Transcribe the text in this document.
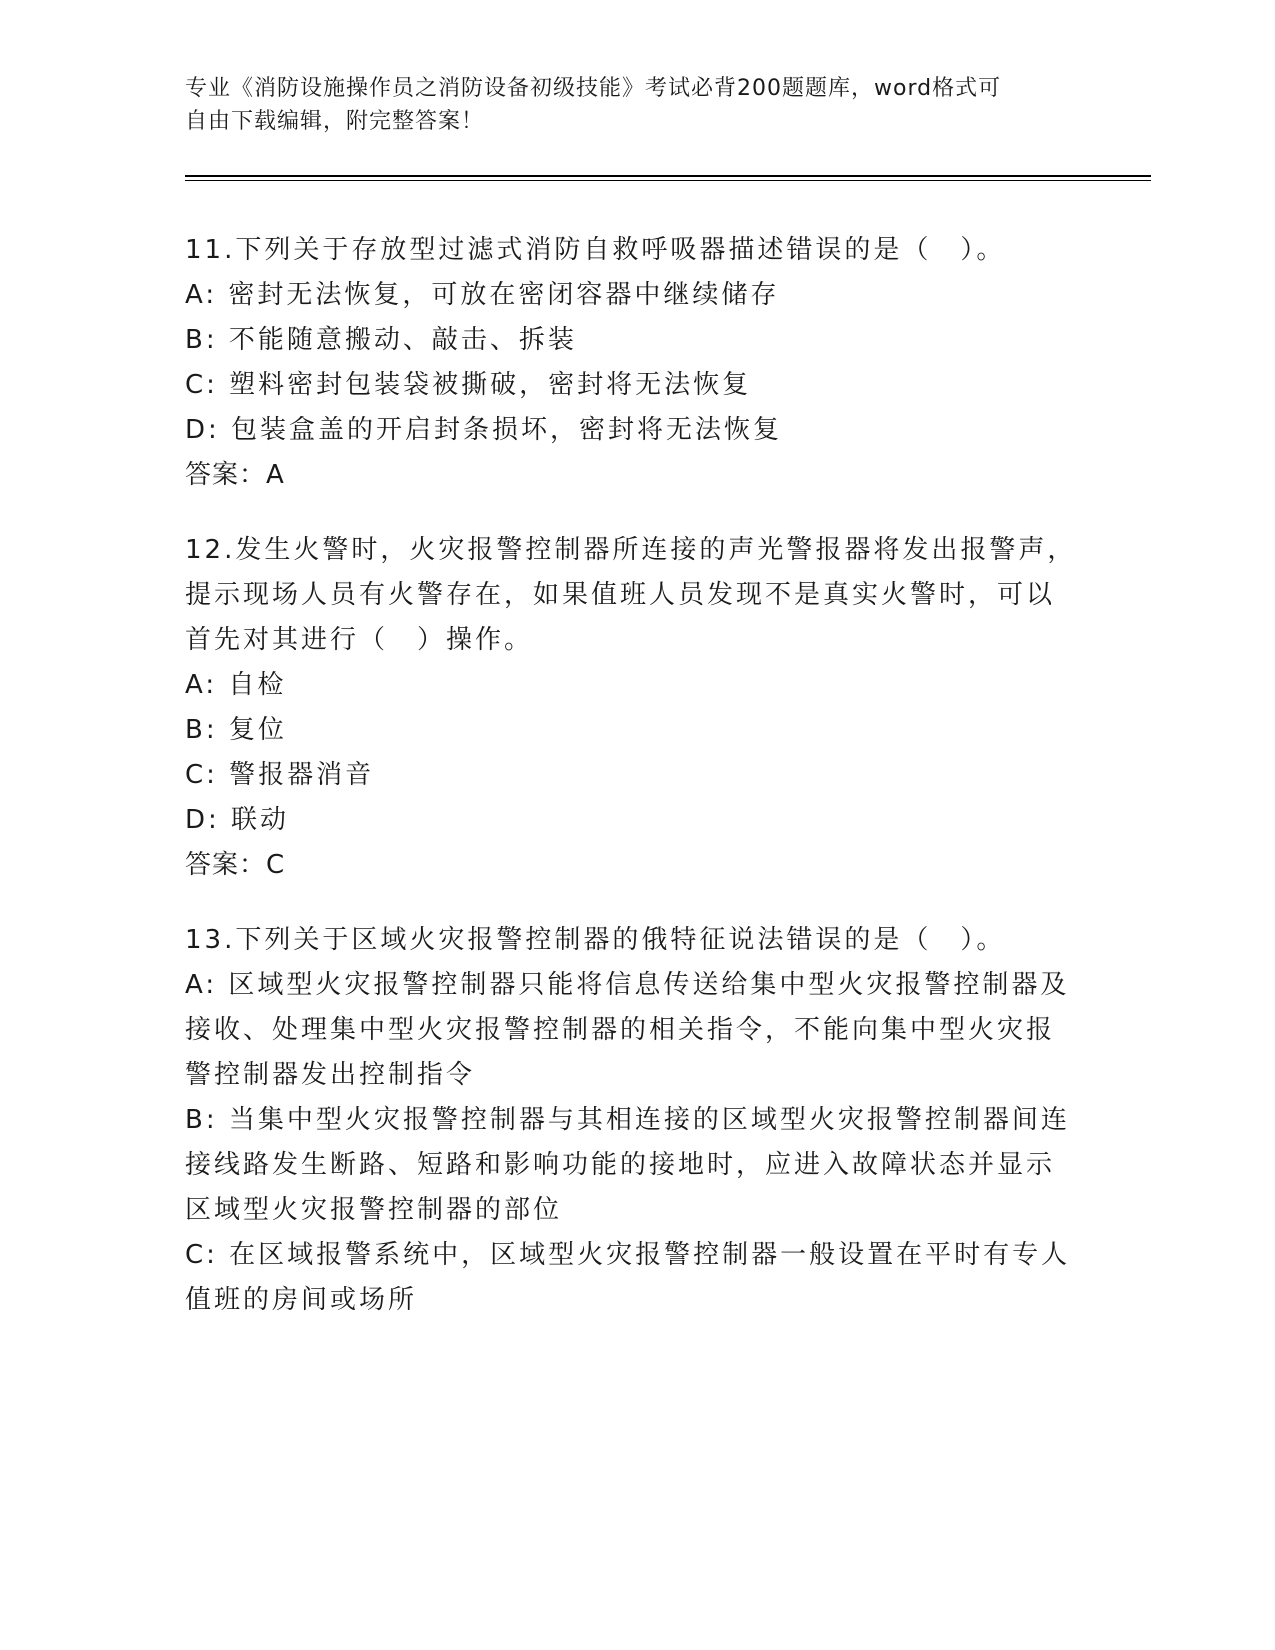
专业《消防设施操作员之消防设备初级技能》考试必背200题题库，word格式可
自由下载编辑，附完整答案！
11.下列关于存放型过滤式消防自救呼吸器描述错误的是（　）。
A: 密封无法恢复，可放在密闭容器中继续储存
B: 不能随意搬动、敲击、拆装
C: 塑料密封包装袋被撕破，密封将无法恢复
D: 包装盒盖的开启封条损坏，密封将无法恢复
答案：A
12.发生火警时，火灾报警控制器所连接的声光警报器将发出报警声，
提示现场人员有火警存在，如果值班人员发现不是真实火警时，可以
首先对其进行（　）操作。
A: 自检
B: 复位
C: 警报器消音
D: 联动
答案：C
13.下列关于区域火灾报警控制器的俄特征说法错误的是（　）。
A: 区域型火灾报警控制器只能将信息传送给集中型火灾报警控制器及
接收、处理集中型火灾报警控制器的相关指令，不能向集中型火灾报
警控制器发出控制指令
B: 当集中型火灾报警控制器与其相连接的区域型火灾报警控制器间连
接线路发生断路、短路和影响功能的接地时，应进入故障状态并显示
区域型火灾报警控制器的部位
C: 在区域报警系统中，区域型火灾报警控制器一般设置在平时有专人
值班的房间或场所
